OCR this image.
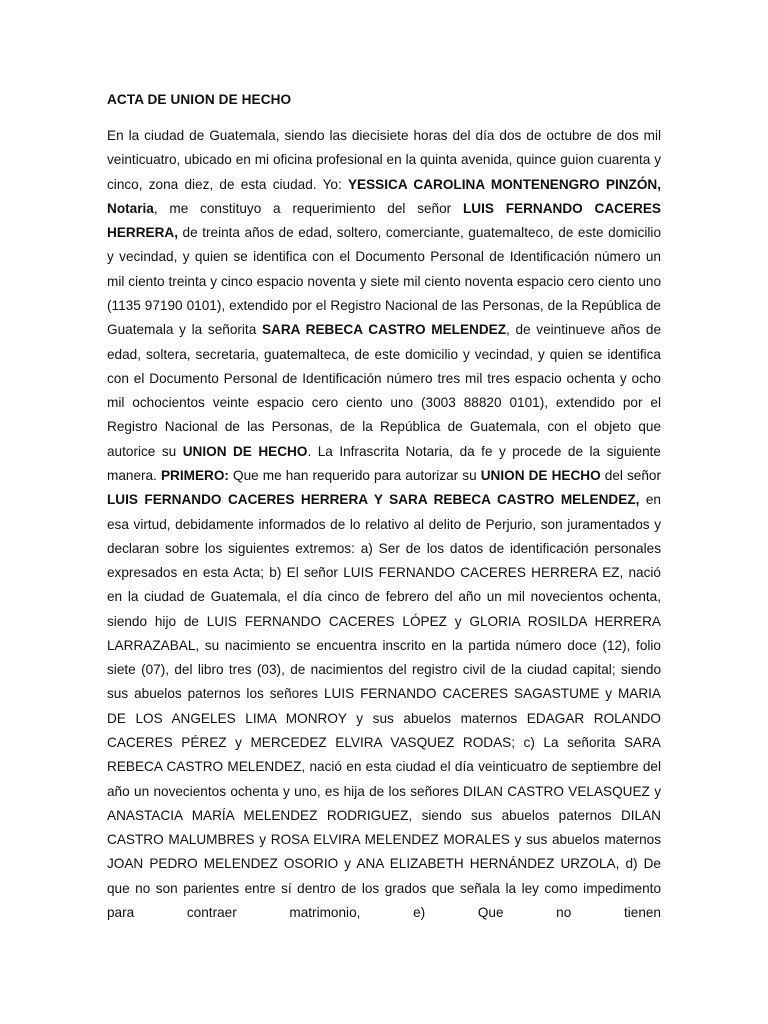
ACTA DE UNION DE HECHO

En la ciudad de Guatemala, siendo las diecisiete horas del día dos de octubre de dos mil veinticuatro, ubicado en mi oficina profesional en la quinta avenida, quince guion cuarenta y cinco, zona diez, de esta ciudad. Yo: YESSICA CAROLINA MONTENENGRO PINZÓN, Notaria, me constituyo a requerimiento del señor LUIS FERNANDO CACERES HERRERA, de treinta años de edad, soltero, comerciante, guatemalteco, de este domicilio y vecindad, y quien se identifica con el Documento Personal de Identificación número un mil ciento treinta y cinco espacio noventa y siete mil ciento noventa espacio cero ciento uno (1135 97190 0101), extendido por el Registro Nacional de las Personas, de la República de Guatemala y la señorita SARA REBECA CASTRO MELENDEZ, de veintinueve años de edad, soltera, secretaria, guatemalteca, de este domicilio y vecindad, y quien se identifica con el Documento Personal de Identificación número tres mil tres espacio ochenta y ocho mil ochocientos veinte espacio cero ciento uno (3003 88820 0101), extendido por el Registro Nacional de las Personas, de la República de Guatemala, con el objeto que autorice su UNION DE HECHO. La Infrascrita Notaria, da fe y procede de la siguiente manera. PRIMERO: Que me han requerido para autorizar su UNION DE HECHO del señor LUIS FERNANDO CACERES HERRERA Y SARA REBECA CASTRO MELENDEZ, en esa virtud, debidamente informados de lo relativo al delito de Perjurio, son juramentados y declaran sobre los siguientes extremos: a) Ser de los datos de identificación personales expresados en esta Acta; b) El señor LUIS FERNANDO CACERES HERRERA EZ, nació en la ciudad de Guatemala, el día cinco de febrero del año un mil novecientos ochenta, siendo hijo de LUIS FERNANDO CACERES LÓPEZ y GLORIA ROSILDA HERRERA LARRAZABAL, su nacimiento se encuentra inscrito en la partida número doce (12), folio siete (07), del libro tres (03), de nacimientos del registro civil de la ciudad capital; siendo sus abuelos paternos los señores LUIS FERNANDO CACERES SAGASTUME y MARIA DE LOS ANGELES LIMA MONROY y sus abuelos maternos EDAGAR ROLANDO CACERES PÉREZ y MERCEDEZ ELVIRA VASQUEZ RODAS; c) La señorita SARA REBECA CASTRO MELENDEZ, nació en esta ciudad el día veinticuatro de septiembre del año un novecientos ochenta y uno, es hija de los señores DILAN CASTRO VELASQUEZ y ANASTACIA MARÍA MELENDEZ RODRIGUEZ, siendo sus abuelos paternos DILAN CASTRO MALUMBRES y ROSA ELVIRA MELENDEZ MORALES y sus abuelos maternos JOAN PEDRO MELENDEZ OSORIO y ANA ELIZABETH HERNÁNDEZ URZOLA, d) De que no son parientes entre sí dentro de los grados que señala la ley como impedimento para contraer matrimonio, e) Que no tienen
